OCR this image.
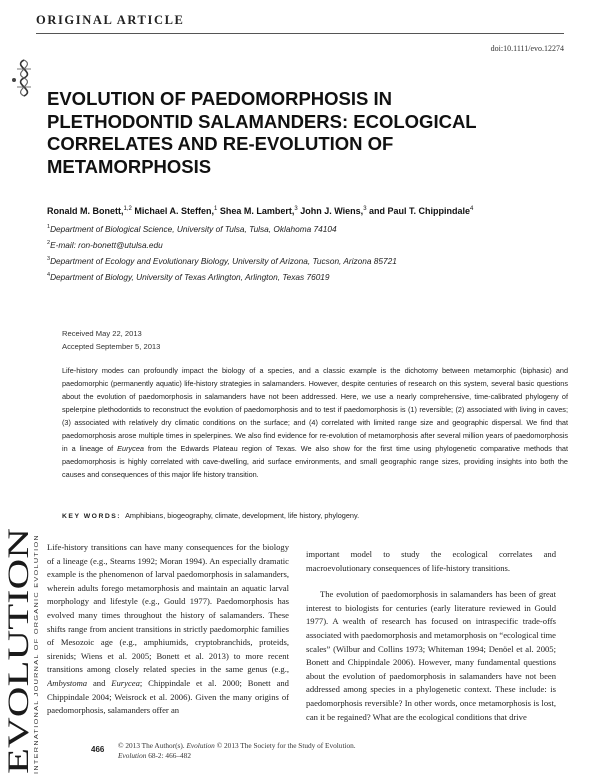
ORIGINAL ARTICLE
doi:10.1111/evo.12274
EVOLUTION OF PAEDOMORPHOSIS IN
PLETHODONTID SALAMANDERS: ECOLOGICAL
CORRELATES AND RE-EVOLUTION OF
METAMORPHOSIS
Ronald M. Bonett,$^{1,2}$ Michael A. Steffen,$^1$ Shea M. Lambert,$^3$ John J. Wiens,$^3$ and Paul T. Chippindale$^4$
$^1$Department of Biological Science, University of Tulsa, Tulsa, Oklahoma 74104
$^2$E-mail: ron-bonett@utulsa.edu
$^3$Department of Ecology and Evolutionary Biology, University of Arizona, Tucson, Arizona 85721
$^4$Department of Biology, University of Texas Arlington, Arlington, Texas 76019
Received May 22, 2013
Accepted September 5, 2013

Life-history modes can profoundly impact the biology of a species, and a classic example is the dichotomy between metamorphic (biphasic) and paedomorphic (permanently aquatic) life-history strategies in salamanders. However, despite centuries of research on this system, several basic questions about the evolution of paedomorphosis in salamanders have not been addressed. Here, we use a nearly comprehensive, time-calibrated phylogeny of spelerpine plethodontids to reconstruct the evolution of paedomorphosis and to test if paedomorphosis is (1) reversible; (2) associated with living in caves; (3) associated with relatively dry climatic conditions on the surface; and (4) correlated with limited range size and geographic dispersal. We find that paedomorphosis arose multiple times in spelerpines. We also find evidence for re-evolution of metamorphosis after several million years of paedomorphosis in a lineage of Eurycea from the Edwards Plateau region of Texas. We also show for the first time using phylogenetic comparative methods that paedomorphosis is highly correlated with cave-dwelling, arid surface environments, and small geographic range sizes, providing insights into both the causes and consequences of this major life history transition.

KEY WORDS: Amphibians, biogeography, climate, development, life history, phylogeny.
EVOLUTION INTERNATIONAL JOURNAL OF ORGANIC EVOLUTION

Life-history transitions can have many consequences for the biology of a lineage (e.g., Stearns 1992; Moran 1994). An especially dramatic example is the phenomenon of larval paedomorphosis in salamanders, wherein adults forego metamorphosis and maintain an aquatic larval morphology and lifestyle (e.g., Gould 1977). Paedomorphosis has evolved many times throughout the history of salamanders. These shifts range from ancient transitions in strictly paedomorphic families of Mesozoic age (e.g., amphiumids, cryptobranchids, proteids, sirenids; Wiens et al. 2005; Bonett et al. 2013) to more recent transitions among closely related species in the same genus (e.g., Ambystoma and Eurycea; Chippindale et al. 2000; Bonett and Chippindale 2004; Weisrock et al. 2006). Given the many origins of paedomorphosis, salamanders offer an

important model to study the ecological correlates and macroevolutionary consequences of life-history transitions.
The evolution of paedomorphosis in salamanders has been of great interest to biologists for centuries (early literature reviewed in Gould 1977). A wealth of research has focused on intraspecific trade-offs associated with paedomorphosis and metamorphosis on “ecological time scales” (Wilbur and Collins 1973; Whiteman 1994; Denöel et al. 2005; Bonett and Chippindale 2006). However, many fundamental questions about the evolution of paedomorphosis in salamanders have not been addressed among species in a phylogenetic context. These include: is paedomorphosis reversible? In other words, once metamorphosis is lost, can it be regained? What are the ecological conditions that drive

466 © 2013 The Author(s). Evolution © 2013 The Society for the Study of Evolution.
Evolution 68-2: 466–482
